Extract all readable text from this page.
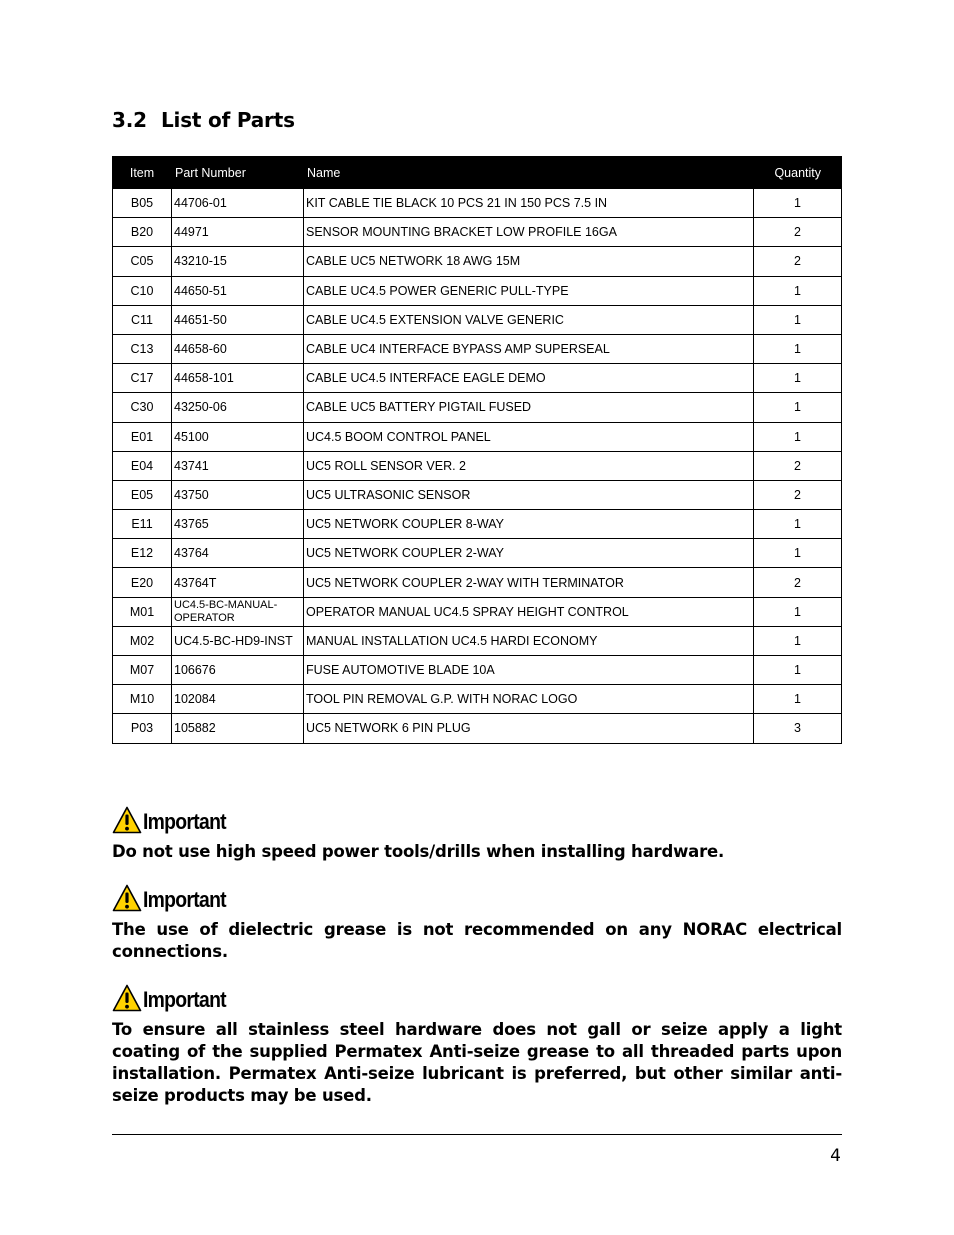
3.2 List of Parts
Item	Part Number	Name	Quantity
B05	44706-01	KIT CABLE TIE BLACK 10 PCS 21 IN 150 PCS 7.5 IN	1
B20	44971	SENSOR MOUNTING BRACKET LOW PROFILE 16GA	2
C05	43210-15	CABLE UC5 NETWORK 18 AWG 15M	2
C10	44650-51	CABLE UC4.5 POWER GENERIC PULL-TYPE	1
C11	44651-50	CABLE UC4.5 EXTENSION VALVE GENERIC	1
C13	44658-60	CABLE UC4 INTERFACE BYPASS AMP SUPERSEAL	1
C17	44658-101	CABLE UC4.5 INTERFACE EAGLE DEMO	1
C30	43250-06	CABLE UC5 BATTERY PIGTAIL FUSED	1
E01	45100	UC4.5 BOOM CONTROL PANEL	1
E04	43741	UC5 ROLL SENSOR VER. 2	2
E05	43750	UC5 ULTRASONIC SENSOR	2
E11	43765	UC5 NETWORK COUPLER 8-WAY	1
E12	43764	UC5 NETWORK COUPLER 2-WAY	1
E20	43764T	UC5 NETWORK COUPLER 2-WAY WITH TERMINATOR	2
M01	UC4.5-BC-MANUAL-OPERATOR	OPERATOR MANUAL UC4.5 SPRAY HEIGHT CONTROL	1
M02	UC4.5-BC-HD9-INST	MANUAL INSTALLATION UC4.5 HARDI ECONOMY	1
M07	106676	FUSE AUTOMOTIVE BLADE 10A	1
M10	102084	TOOL PIN REMOVAL G.P. WITH NORAC LOGO	1
P03	105882	UC5 NETWORK 6 PIN PLUG	3
Important
Do not use high speed power tools/drills when installing hardware.
Important
The use of dielectric grease is not recommended on any NORAC electrical connections.
Important
To ensure all stainless steel hardware does not gall or seize apply a light coating of the supplied Permatex Anti-seize grease to all threaded parts upon installation. Permatex Anti-seize lubricant is preferred, but other similar anti-seize products may be used.
4
